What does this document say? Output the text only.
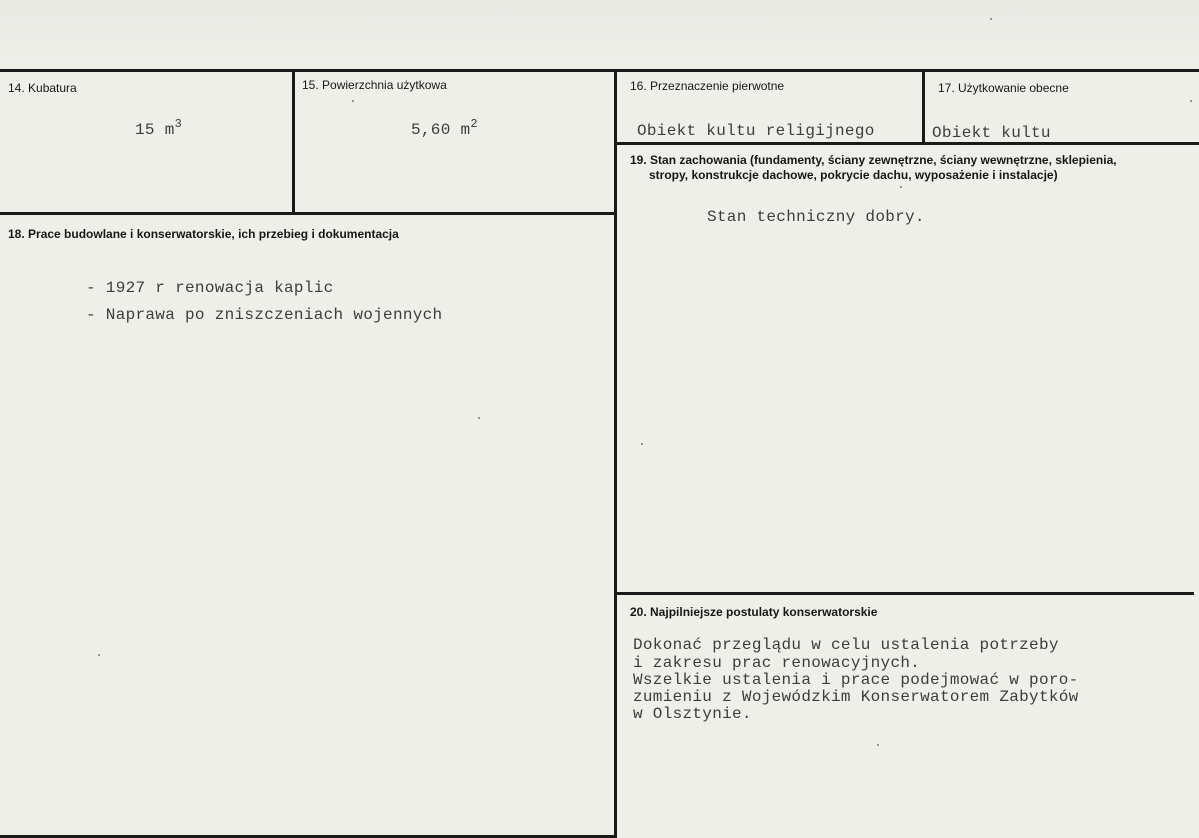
14. Kubatura
15 $m^3$
15. Powierzchnia użytkowa
5,60 $m^2$
16. Przeznaczenie pierwotne
Obiekt kultu religijnego
17. Użytkowanie obecne
Obiekt kultu
19. Stan zachowania (fundamenty, ściany zewnętrzne, ściany wewnętrzne, sklepienia,
stropy, konstrukcje dachowe, pokrycie dachu, wyposażenie i instalacje)
Stan techniczny dobry.
18. Prace budowlane i konserwatorskie, ich przebieg i dokumentacja
- 1927 r renowacja kaplic
- Naprawa po zniszczeniach wojennych
20. Najpilniejsze postulaty konserwatorskie
Dokonać przeglądu w celu ustalenia potrzeby
i zakresu prac renowacyjnych.
Wszelkie ustalenia i prace podejmować w poro-
zumieniu z Wojewódzkim Konserwatorem Zabytków
w Olsztynie.
